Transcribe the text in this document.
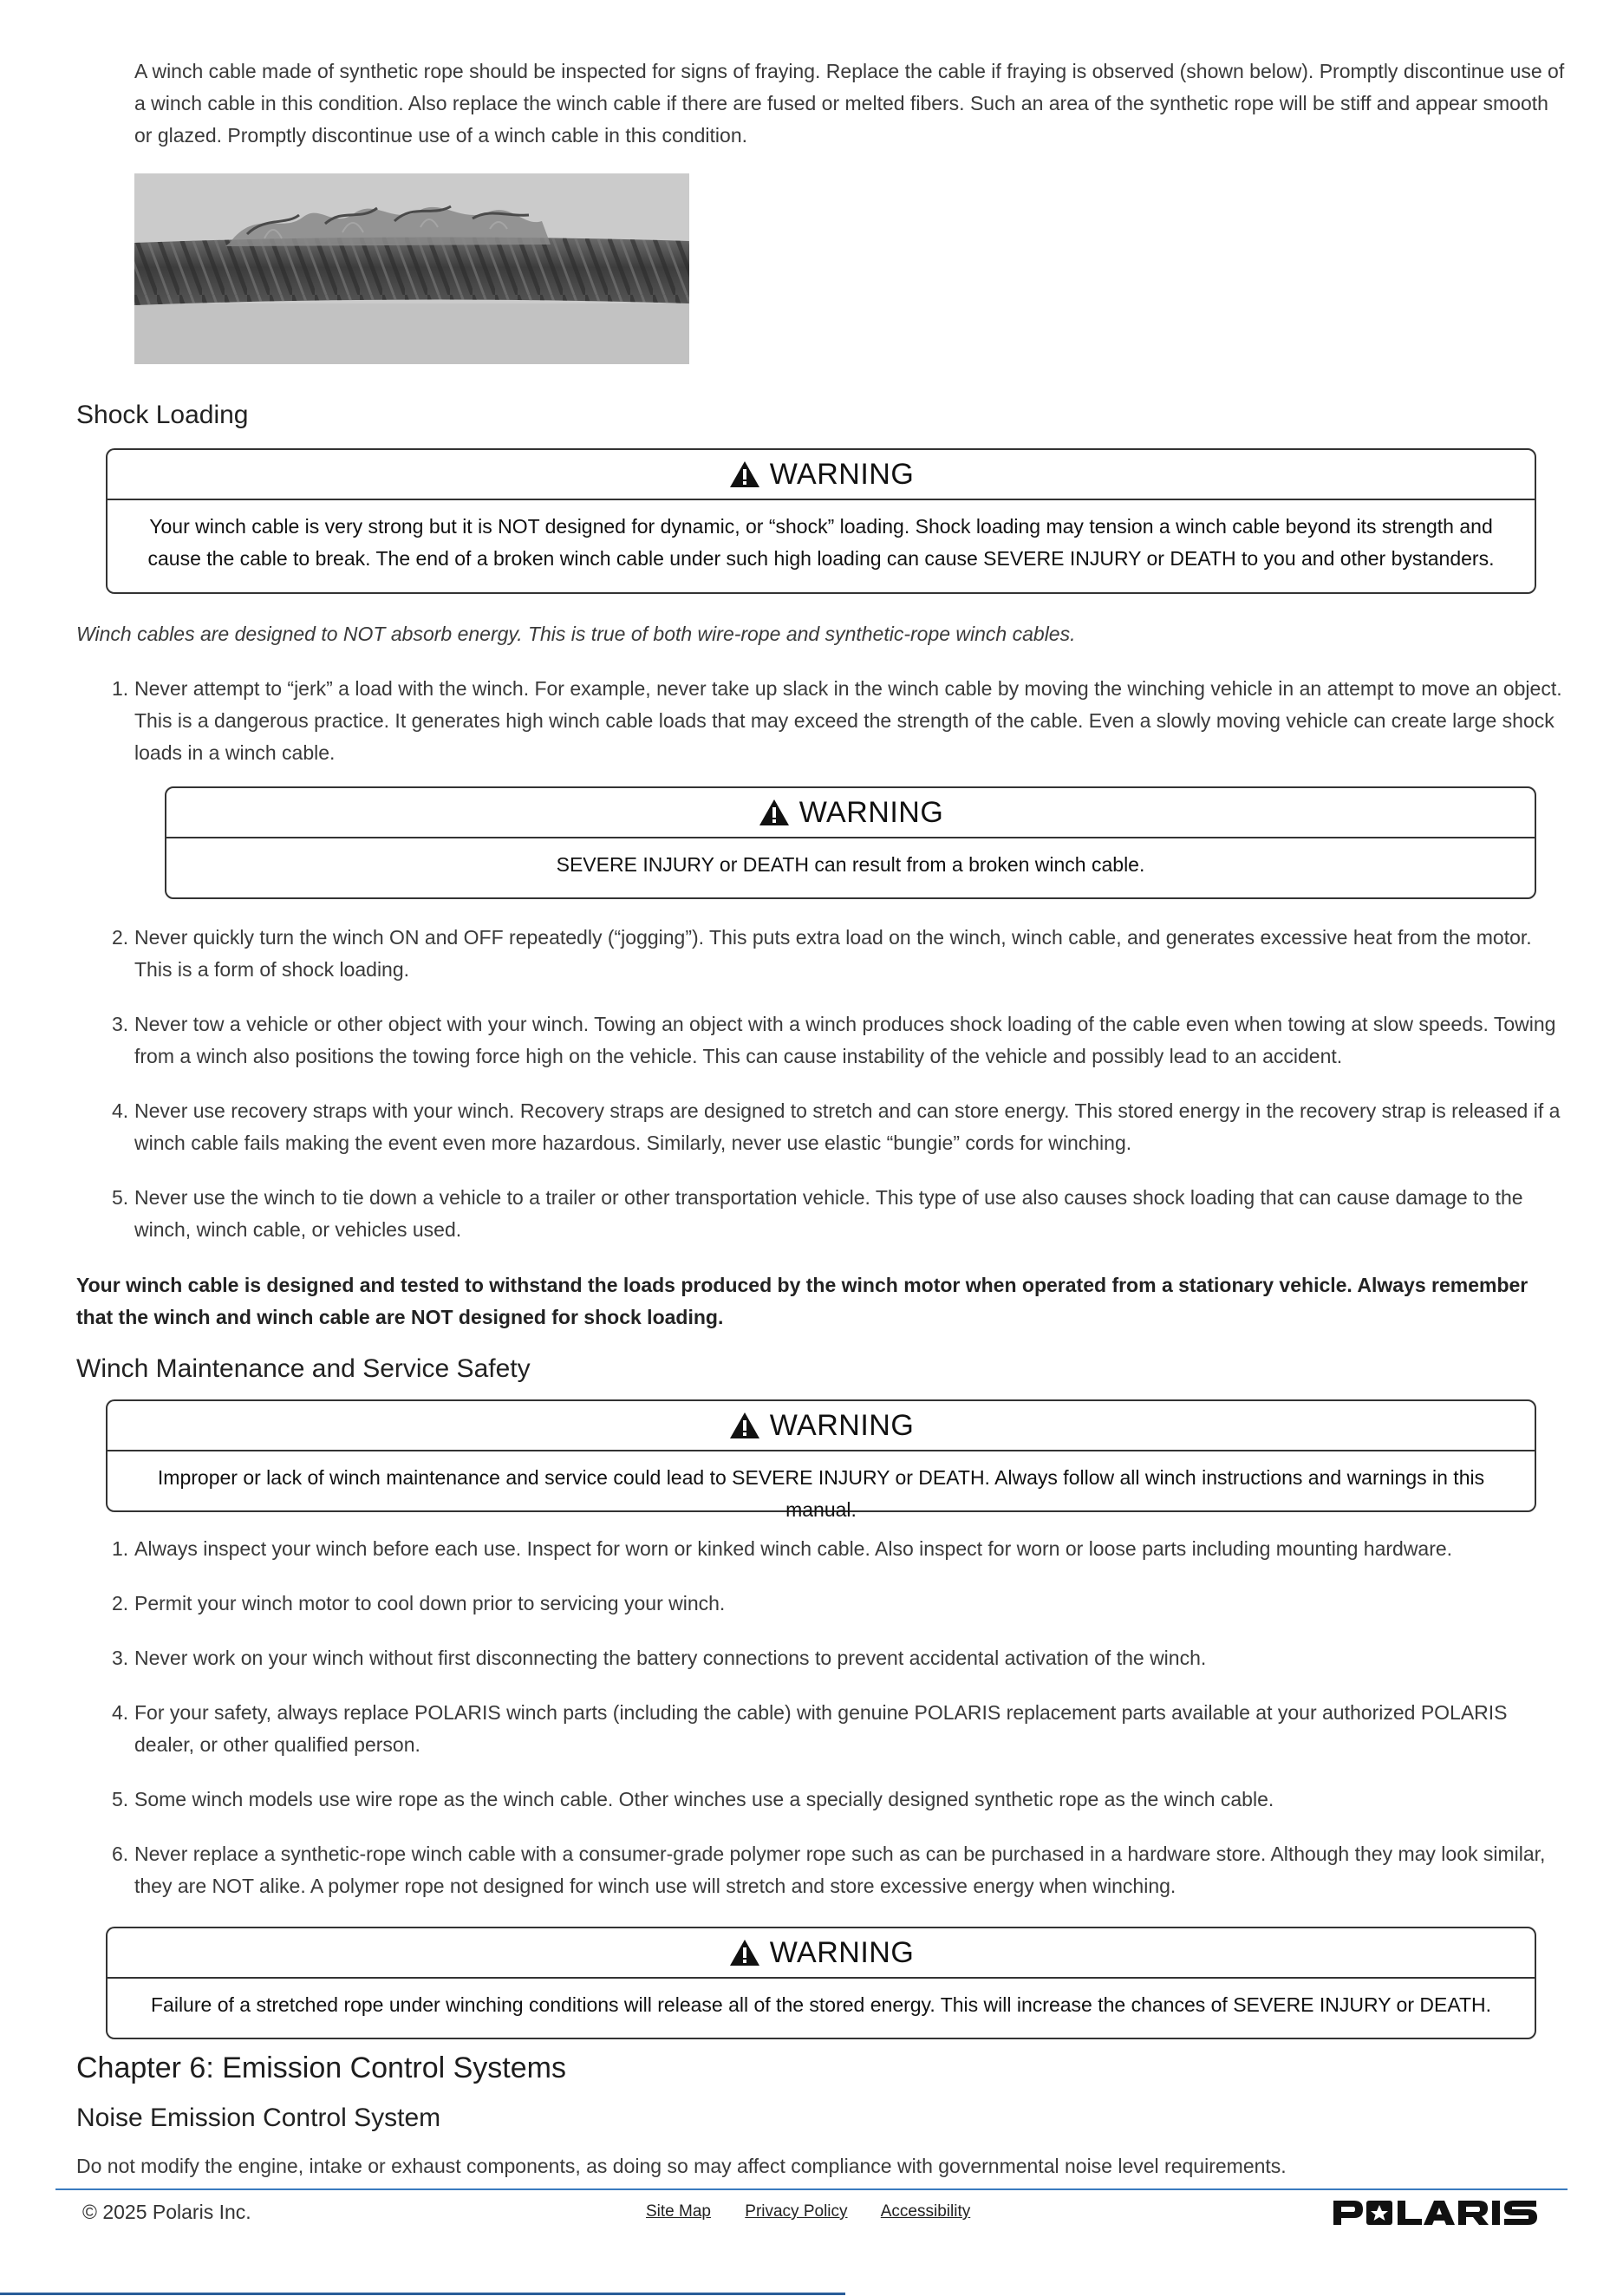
A winch cable made of synthetic rope should be inspected for signs of fraying. Replace the cable if fraying is observed (shown below). Promptly discontinue use of a winch cable in this condition. Also replace the winch cable if there are fused or melted fibers. Such an area of the synthetic rope will be stiff and appear smooth or glazed. Promptly discontinue use of a winch cable in this condition.

Shock Loading
WARNING
Your winch cable is very strong but it is NOT designed for dynamic, or “shock” loading. Shock loading may tension a winch cable beyond its strength and cause the cable to break. The end of a broken winch cable under such high loading can cause SEVERE INJURY or DEATH to you and other bystanders.

Winch cables are designed to NOT absorb energy. This is true of both wire-rope and synthetic-rope winch cables.

1. Never attempt to “jerk” a load with the winch. For example, never take up slack in the winch cable by moving the winching vehicle in an attempt to move an object. This is a dangerous practice. It generates high winch cable loads that may exceed the strength of the cable. Even a slowly moving vehicle can create large shock loads in a winch cable.
WARNING
SEVERE INJURY or DEATH can result from a broken winch cable.
2. Never quickly turn the winch ON and OFF repeatedly (“jogging”). This puts extra load on the winch, winch cable, and generates excessive heat from the motor. This is a form of shock loading.
3. Never tow a vehicle or other object with your winch. Towing an object with a winch produces shock loading of the cable even when towing at slow speeds. Towing from a winch also positions the towing force high on the vehicle. This can cause instability of the vehicle and possibly lead to an accident.
4. Never use recovery straps with your winch. Recovery straps are designed to stretch and can store energy. This stored energy in the recovery strap is released if a winch cable fails making the event even more hazardous. Similarly, never use elastic “bungie” cords for winching.
5. Never use the winch to tie down a vehicle to a trailer or other transportation vehicle. This type of use also causes shock loading that can cause damage to the winch, winch cable, or vehicles used.

Your winch cable is designed and tested to withstand the loads produced by the winch motor when operated from a stationary vehicle. Always remember that the winch and winch cable are NOT designed for shock loading.

Winch Maintenance and Service Safety
WARNING
Improper or lack of winch maintenance and service could lead to SEVERE INJURY or DEATH. Always follow all winch instructions and warnings in this manual.
1. Always inspect your winch before each use. Inspect for worn or kinked winch cable. Also inspect for worn or loose parts including mounting hardware.
2. Permit your winch motor to cool down prior to servicing your winch.
3. Never work on your winch without first disconnecting the battery connections to prevent accidental activation of the winch.
4. For your safety, always replace POLARIS winch parts (including the cable) with genuine POLARIS replacement parts available at your authorized POLARIS dealer, or other qualified person.
5. Some winch models use wire rope as the winch cable. Other winches use a specially designed synthetic rope as the winch cable.
6. Never replace a synthetic-rope winch cable with a consumer-grade polymer rope such as can be purchased in a hardware store. Although they may look similar, they are NOT alike. A polymer rope not designed for winch use will stretch and store excessive energy when winching.
WARNING
Failure of a stretched rope under winching conditions will release all of the stored energy. This will increase the chances of SEVERE INJURY or DEATH.
Chapter 6: Emission Control Systems
Noise Emission Control System

Do not modify the engine, intake or exhaust components, as doing so may affect compliance with governmental noise level requirements.

© 2025 Polaris Inc.	Site Map Privacy Policy Accessibility
